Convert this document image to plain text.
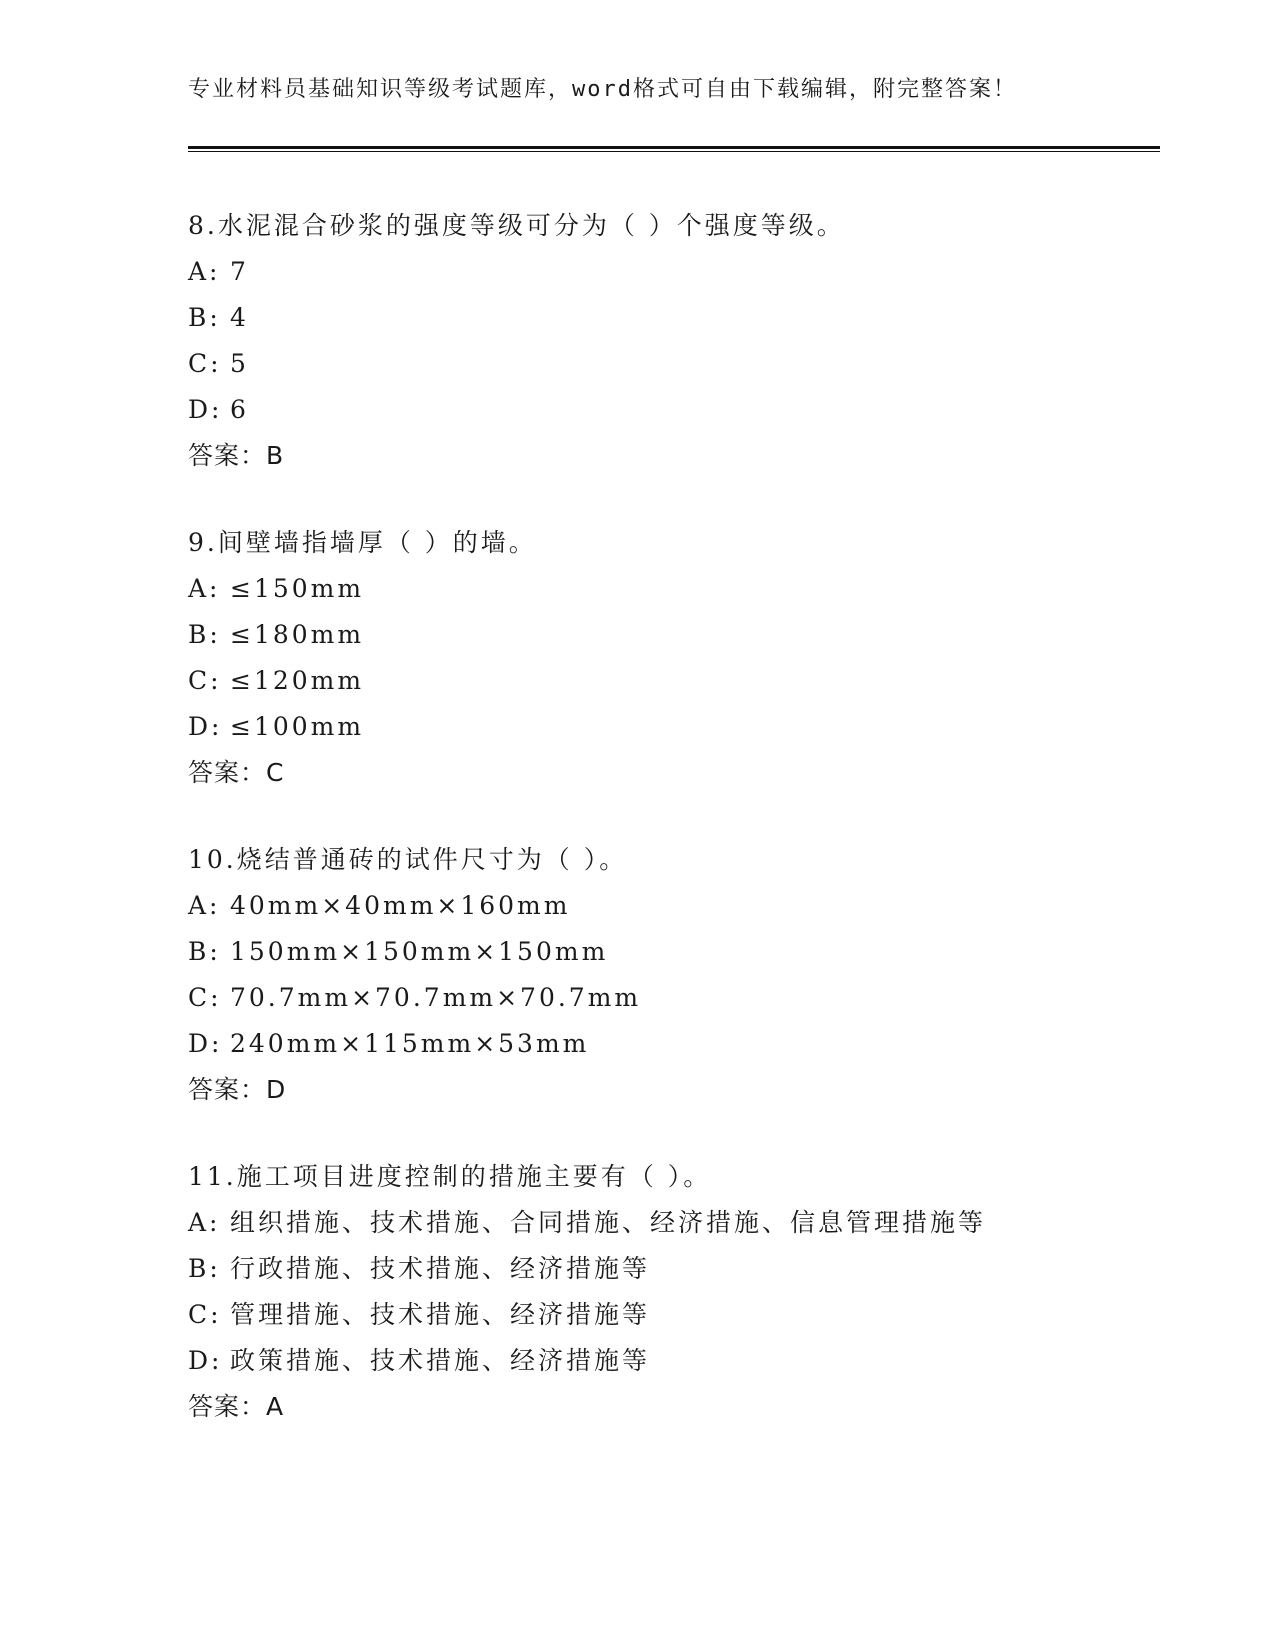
专业材料员基础知识等级考试题库，word格式可自由下载编辑，附完整答案！
8.水泥混合砂浆的强度等级可分为（ ）个强度等级。
A: 7
B: 4
C: 5
D: 6
答案：B
9.间壁墙指墙厚（ ）的墙。
A: ≤150mm
B: ≤180mm
C: ≤120mm
D: ≤100mm
答案：C
10.烧结普通砖的试件尺寸为（ ）。
A: 40mm×40mm×160mm
B: 150mm×150mm×150mm
C: 70.7mm×70.7mm×70.7mm
D: 240mm×115mm×53mm
答案：D
11.施工项目进度控制的措施主要有（ ）。
A: 组织措施、技术措施、合同措施、经济措施、信息管理措施等
B: 行政措施、技术措施、经济措施等
C: 管理措施、技术措施、经济措施等
D: 政策措施、技术措施、经济措施等
答案：A
